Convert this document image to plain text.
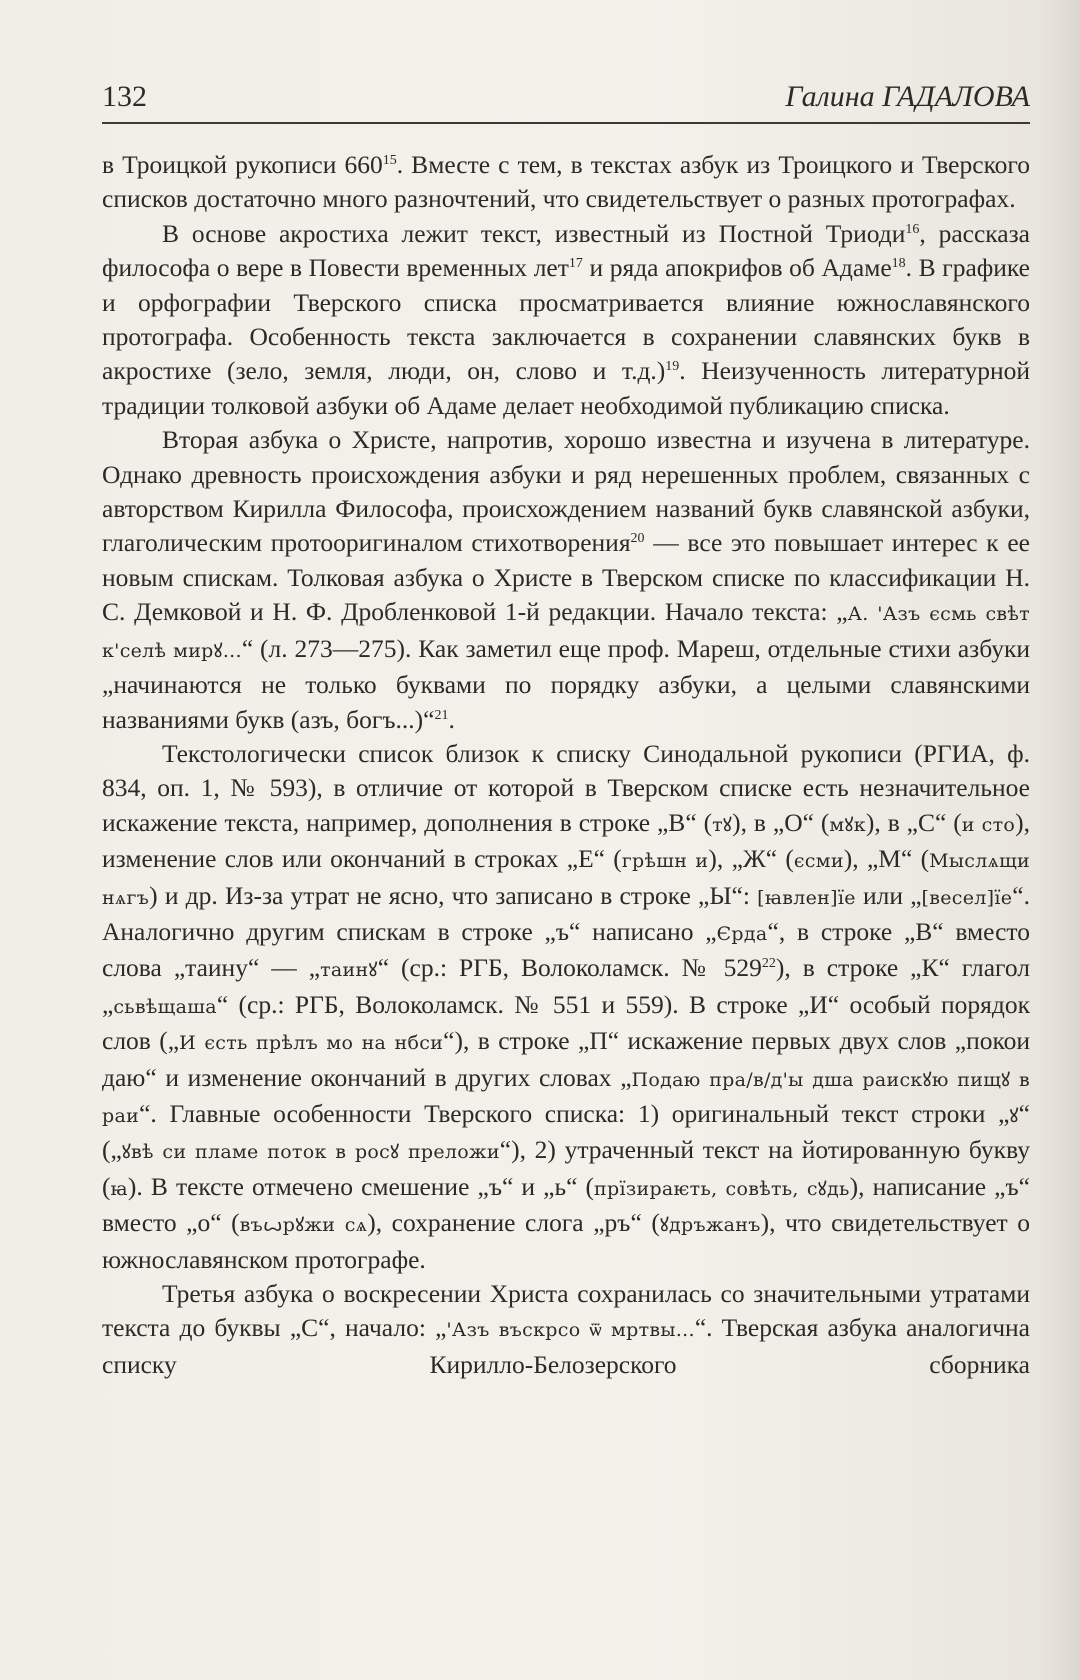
132	Галина ГАДАЛОВА

в Троицкой рукописи $660^{15}$. Вместе с тем, в текстах азбук из Троицкого и Тверского списков достаточно много разночтений, что свидетельствует о разных протографах.

В основе акростиха лежит текст, известный из Постной Триоди$^{16}$, рассказа философа о вере в Повести временных лет$^{17}$ и ряда апокрифов об Адаме$^{18}$. В графике и орфографии Тверского списка просматривается влияние южнославянского протографа. Особенность текста заключается в сохранении славянских букв в акростихе (зело, земля, люди, он, слово и т.д.)$^{19}$. Неизученность литературной традиции толковой азбуки об Адаме делает необходимой публикацию списка.

Вторая азбука о Христе, напротив, хорошо известна и изучена в литературе. Однако древность происхождения азбуки и ряд нерешенных проблем, связанных с авторством Кирилла Философа, происхождением названий букв славянской азбуки, глаголическим протооригиналом стихотворения$^{20}$ — все это повышает интерес к ее новым спискам. Толковая азбука о Христе в Тверском списке по классификации Н. С. Демковой и Н. Ф. Дробленковой 1-й редакции. Начало текста: „А. 'Азъ єсмь свѣт к'селѣ мирꙋ...“ (л. 273—275). Как заметил еще проф. Мареш, отдельные стихи азбуки „начинаются не только буквами по порядку азбуки, а целыми славянскими названиями букв (азъ, богъ...)“$^{21}$.

Текстологически список близок к списку Синодальной рукописи (РГИА, ф. 834, оп. 1, № 593), в отличие от которой в Тверском списке есть незначительное искажение текста, например, дополнения в строке „В“ (тꙋ), в „О“ (мꙋк), в „С“ (и сто), изменение слов или окончаний в строках „Е“ (грѣшн и), „Ж“ (єсми), „М“ (Мыслѧщи нѧгъ) и др. Из-за утрат не ясно, что записано в строке „Ы“: [ꙗвлен]їе или „[весел]їе“. Аналогично другим спискам в строке „ъ“ написано „Єрда“, в строке „В“ вместо слова „таину“ — „таинꙋ“ (ср.: РГБ, Волоколамск. № $529^{22}$), в строке „К“ глагол „сьвѣщаша“ (ср.: РГБ, Волоколамск. № 551 и 559). В строке „И“ особый порядок слов („И єсть прѣлъ мо на нбси“), в строке „П“ искажение первых двух слов „покои даю“ и изменение окончаний в других словах „Подаю пра/в/д'ы дша раискꙋю пищꙋ в раи“. Главные особенности Тверского списка: 1) оригинальный текст строки „ꙋ“ („ꙋвѣ си пламе поток в росꙋ преложи“), 2) утраченный текст на йотированную букву (ꙗ). В тексте отмечено смешение „ъ“ и „ь“ (прїзираѥть, совѣть, сꙋдь), написание „ъ“ вместо „о“ (въꙍрꙋжи сѧ), сохранение слога „ръ“ (ꙋдръжанъ), что свидетельствует о южнославянском протографе.

Третья азбука о воскресении Христа сохранилась со значительными утратами текста до буквы „С“, начало: „'Азъ въскрсо ѿ мртвы...“. Тверская азбука аналогична списку Кирилло-Белозерского сборника
